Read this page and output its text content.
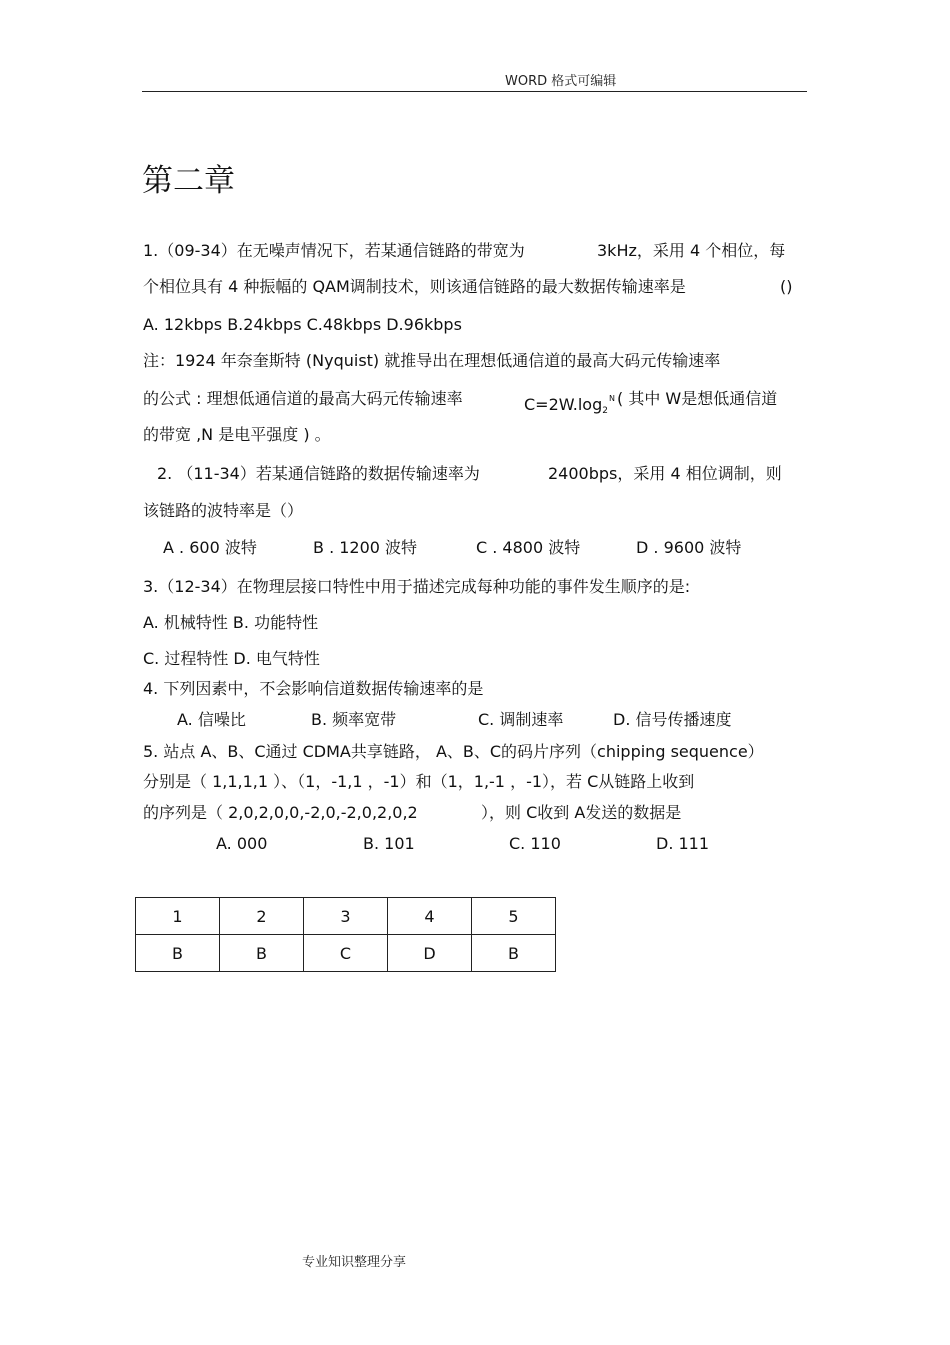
WORD 格式可编辑
第二章
1.（09-34）在无噪声情况下，若某通信链路的带宽为	3kHz，采用 4 个相位，每
个相位具有 4 种振幅的 QAM调制技术，则该通信链路的最大数据传输速率是	()
A. 12kbps B.24kbps C.48kbps D.96kbps
注：1924 年奈奎斯特 (Nyquist) 就推导出在理想低通信道的最高大码元传输速率
的公式 : 理想低通信道的最高大码元传输速率	$C=2W.\log_2^N$ ( 其中 W是想低通信道
的带宽 ,N 是电平强度 ) 。
2. （11-34）若某通信链路的数据传输速率为	2400bps，采用 4 相位调制，则
该链路的波特率是（）
A . 600 波特	B . 1200 波特	C . 4800 波特	D . 9600 波特
3.（12-34）在物理层接口特性中用于描述完成每种功能的事件发生顺序的是:
A. 机械特性 B. 功能特性
C. 过程特性 D. 电气特性
4. 下列因素中，不会影响信道数据传输速率的是
A. 信噪比	B. 频率宽带	C. 调制速率	D. 信号传播速度
5. 站点 A、B、C通过 CDMA共享链路， A、B、C的码片序列（chipping sequence）
分别是（ 1,1,1,1 ）、（1，-1,1 ，-1）和（1，1,-1 ，-1），若 C从链路上收到
的序列是（ 2,0,2,0,0,-2,0,-2,0,2,0,2	），则 C收到 A发送的数据是
A. 000	B. 101	C. 110	D. 111
1	2	3	4	5
B	B	C	D	B
专业知识整理分享
